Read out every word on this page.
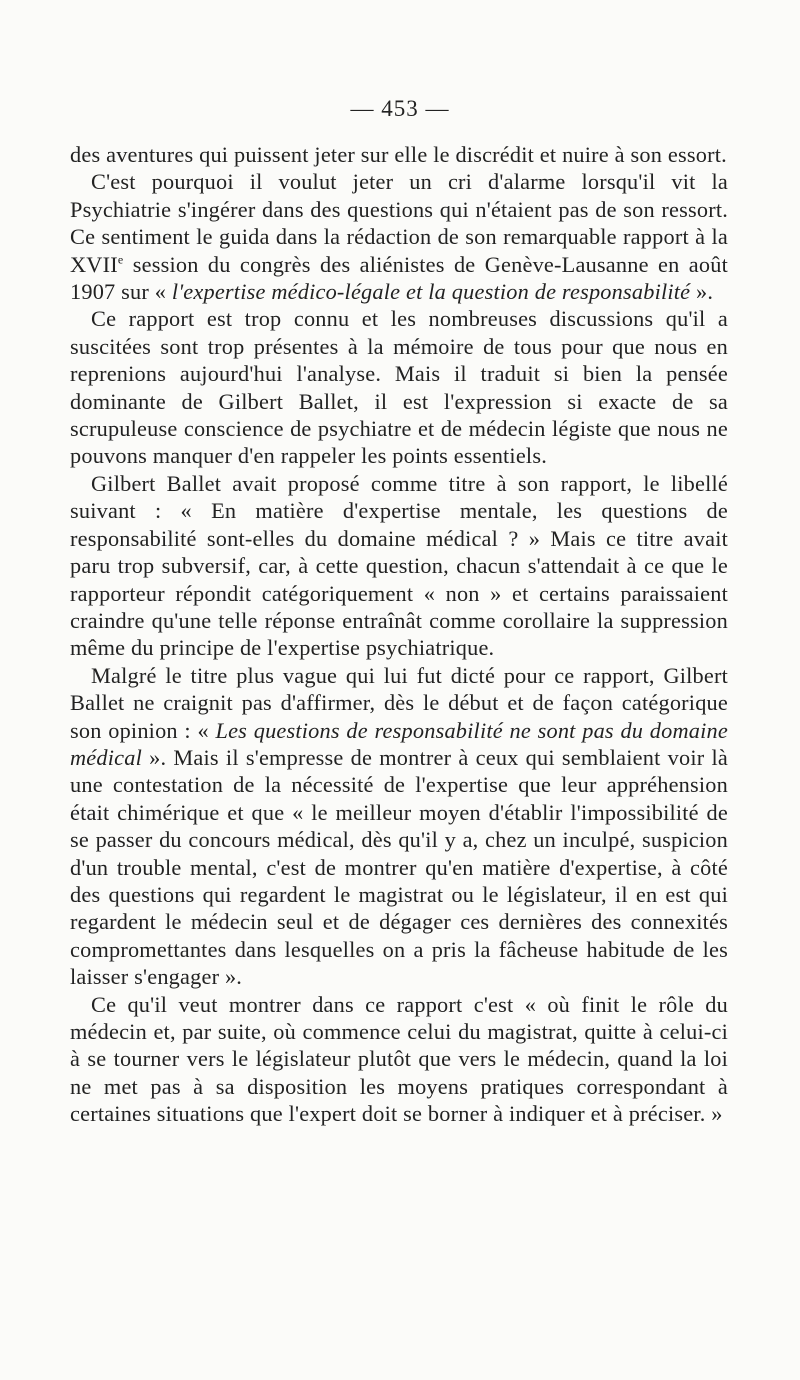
— 453 —

des aventures qui puissent jeter sur elle le discrédit et nuire à son essort.

C'est pourquoi il voulut jeter un cri d'alarme lorsqu'il vit la Psychiatrie s'ingérer dans des questions qui n'étaient pas de son ressort. Ce sentiment le guida dans la rédaction de son remarquable rapport à la XVIIe session du congrès des aliénistes de Genève-Lausanne en août 1907 sur « l'expertise médico-légale et la question de responsabilité ».

Ce rapport est trop connu et les nombreuses discussions qu'il a suscitées sont trop présentes à la mémoire de tous pour que nous en reprenions aujourd'hui l'analyse. Mais il traduit si bien la pensée dominante de Gilbert Ballet, il est l'expression si exacte de sa scrupuleuse conscience de psychiatre et de médecin légiste que nous ne pouvons manquer d'en rappeler les points essentiels.

Gilbert Ballet avait proposé comme titre à son rapport, le libellé suivant : « En matière d'expertise mentale, les questions de responsabilité sont-elles du domaine médical ? » Mais ce titre avait paru trop subversif, car, à cette question, chacun s'attendait à ce que le rapporteur répondit catégoriquement « non » et certains paraissaient craindre qu'une telle réponse entraînât comme corollaire la suppression même du principe de l'expertise psychiatrique.

Malgré le titre plus vague qui lui fut dicté pour ce rapport, Gilbert Ballet ne craignit pas d'affirmer, dès le début et de façon catégorique son opinion : « Les questions de responsabilité ne sont pas du domaine médical ». Mais il s'empresse de montrer à ceux qui semblaient voir là une contestation de la nécessité de l'expertise que leur appréhension était chimérique et que « le meilleur moyen d'établir l'impossibilité de se passer du concours médical, dès qu'il y a, chez un inculpé, suspicion d'un trouble mental, c'est de montrer qu'en matière d'expertise, à côté des questions qui regardent le magistrat ou le législateur, il en est qui regardent le médecin seul et de dégager ces dernières des connexités compromettantes dans lesquelles on a pris la fâcheuse habitude de les laisser s'engager ».

Ce qu'il veut montrer dans ce rapport c'est « où finit le rôle du médecin et, par suite, où commence celui du magistrat, quitte à celui-ci à se tourner vers le législateur plutôt que vers le médecin, quand la loi ne met pas à sa disposition les moyens pratiques correspondant à certaines situations que l'expert doit se borner à indiquer et à préciser. »
